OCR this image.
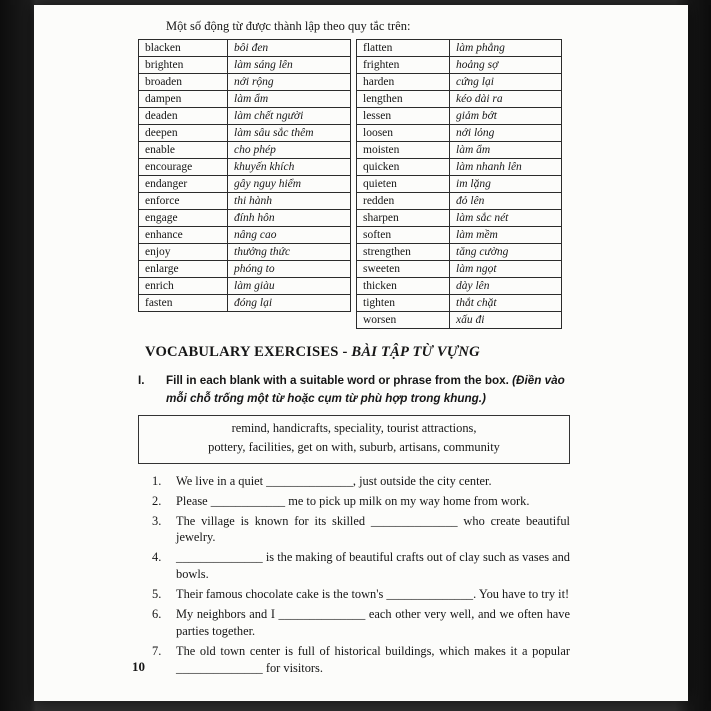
Một số động từ được thành lập theo quy tắc trên:

blacken	bôi đen
brighten	làm sáng lên
broaden	nới rộng
dampen	làm ẩm
deaden	làm chết người
deepen	làm sâu sắc thêm
enable	cho phép
encourage	khuyến khích
endanger	gây nguy hiểm
enforce	thi hành
engage	đính hôn
enhance	nâng cao
enjoy	thưởng thức
enlarge	phóng to
enrich	làm giàu
fasten	đóng lại
flatten	làm phẳng
frighten	hoảng sợ
harden	cứng lại
lengthen	kéo dài ra
lessen	giảm bớt
loosen	nới lỏng
moisten	làm ẩm
quicken	làm nhanh lên
quieten	im lặng
redden	đỏ lên
sharpen	làm sắc nét
soften	làm mềm
strengthen	tăng cường
sweeten	làm ngọt
thicken	dày lên
tighten	thắt chặt
worsen	xấu đi
VOCABULARY EXERCISES - BÀI TẬP TỪ VỰNG
I.	Fill in each blank with a suitable word or phrase from the box. (Điền vào mỗi chỗ trống một từ hoặc cụm từ phù hợp trong khung.)
remind, handicrafts, speciality, tourist attractions,
pottery, facilities, get on with, suburb, artisans, community
1. We live in a quiet ______________, just outside the city center.
2. Please ____________ me to pick up milk on my way home from work.
3. The village is known for its skilled ______________ who create beautiful jewelry.
4. ______________ is the making of beautiful crafts out of clay such as vases and bowls.
5. Their famous chocolate cake is the town's ______________. You have to try it!
6. My neighbors and I ______________ each other very well, and we often have parties together.
7. The old town center is full of historical buildings, which makes it a popular ______________ for visitors.
10
